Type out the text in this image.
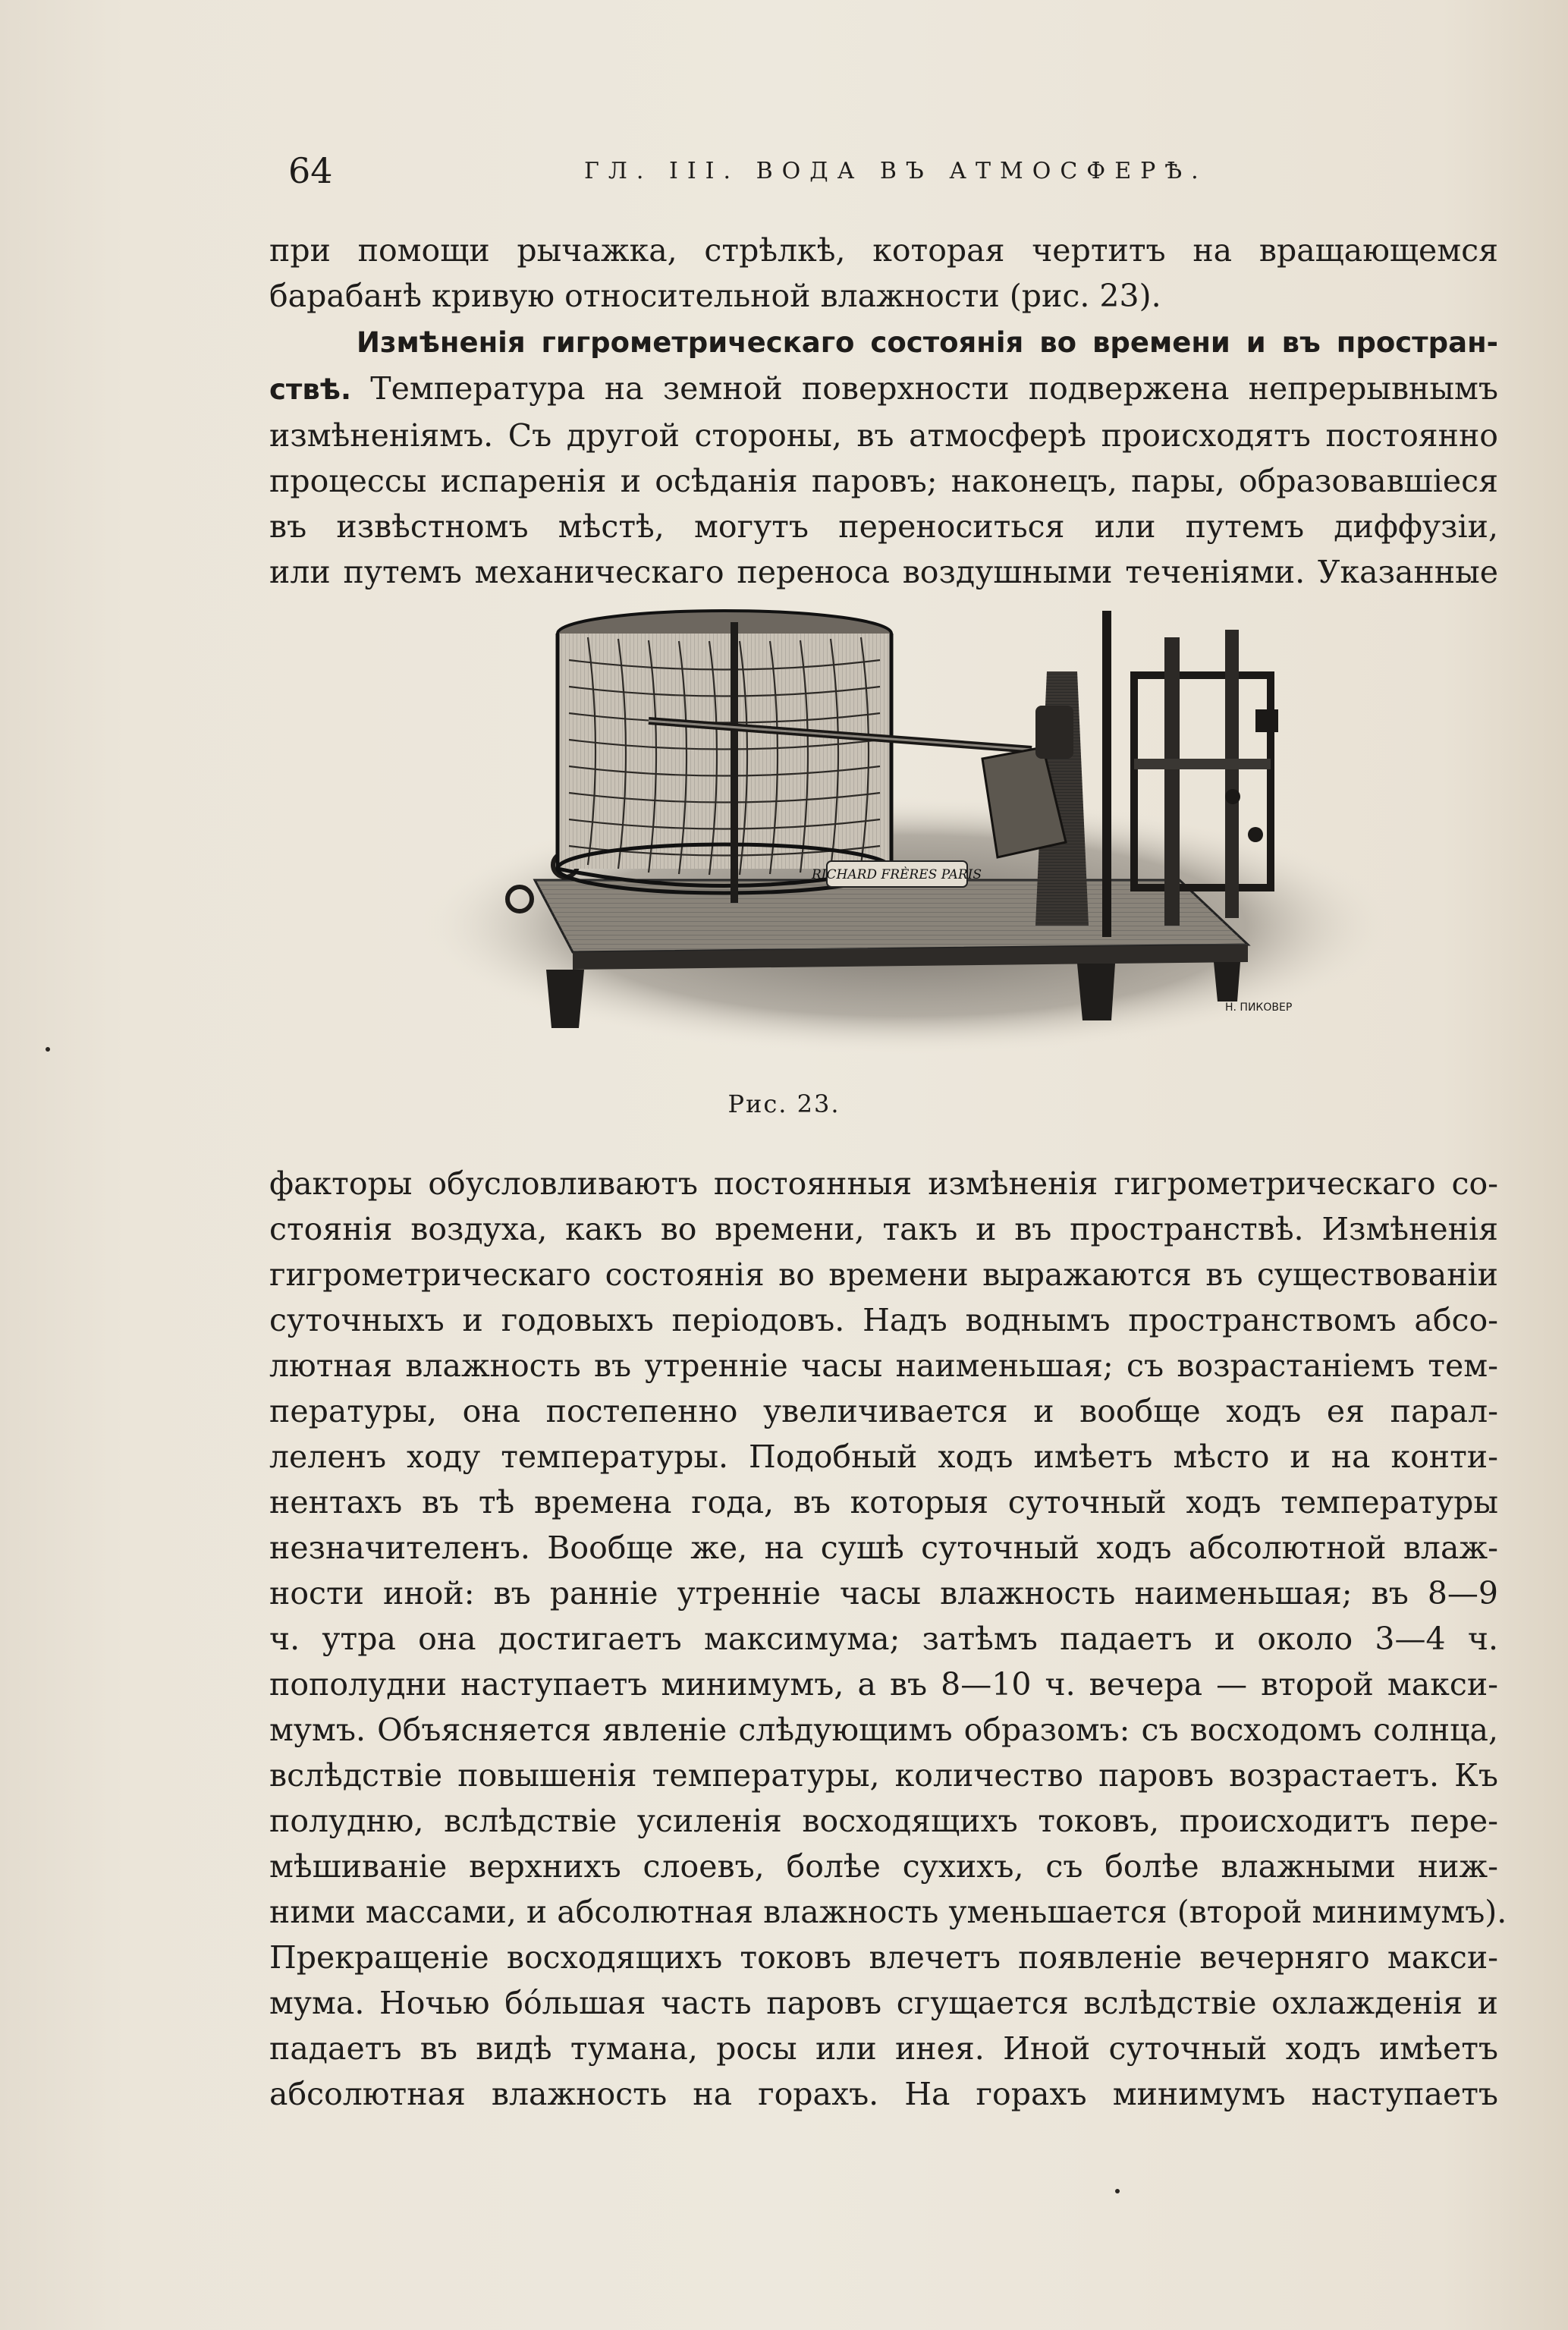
64	ГЛ. III. ВОДА ВЪ АТМОСФЕРѢ.
при помощи рычажка, стрѣлкѣ, которая чертитъ на вращающемся
барабанѣ кривую относительной влажности (рис. 23).
Измѣненія гигрометрическаго состоянія во времени и въ простран-
ствѣ. Температура на земной поверхности подвержена непрерывнымъ
измѣненіямъ. Съ другой стороны, въ атмосферѣ происходятъ постоянно
процессы испаренія и осѣданія паровъ; наконецъ, пары, образовавшіеся
въ извѣстномъ мѣстѣ, могутъ переноситься или путемъ диффузіи,
или путемъ механическаго переноса воздушными теченіями. Указанные
RICHARD FRÈRES PARIS
Н. ПИКОВЕР
Рис. 23.
факторы обусловливаютъ постоянныя измѣненія гигрометрическаго со-
стоянія воздуха, какъ во времени, такъ и въ пространствѣ. Измѣненія
гигрометрическаго состоянія во времени выражаются въ существованіи
суточныхъ и годовыхъ періодовъ. Надъ воднымъ пространствомъ абсо-
лютная влажность въ утренніе часы наименьшая; съ возрастаніемъ тем-
пературы, она постепенно увеличивается и вообще ходъ ея парал-
леленъ ходу температуры. Подобный ходъ имѣетъ мѣсто и на конти-
нентахъ въ тѣ времена года, въ которыя суточный ходъ температуры
незначителенъ. Вообще же, на сушѣ суточный ходъ абсолютной влаж-
ности иной: въ ранніе утренніе часы влажность наименьшая; въ 8—9
ч. утра она достигаетъ максимума; затѣмъ падаетъ и около 3—4 ч.
пополудни наступаетъ минимумъ, а въ 8—10 ч. вечера — второй макси-
мумъ. Объясняется явленіе слѣдующимъ образомъ: съ восходомъ солнца,
вслѣдствіе повышенія температуры, количество паровъ возрастаетъ. Къ
полудню, вслѣдствіе усиленія восходящихъ токовъ, происходитъ пере-
мѣшиваніе верхнихъ слоевъ, болѣе сухихъ, съ болѣе влажными ниж-
ними массами, и абсолютная влажность уменьшается (второй минимумъ).
Прекращеніе восходящихъ токовъ влечетъ появленіе вечерняго макси-
мума. Ночью бо́льшая часть паровъ сгущается вслѣдствіе охлажденія и
падаетъ въ видѣ тумана, росы или инея. Иной суточный ходъ имѣетъ
абсолютная влажность на горахъ. На горахъ минимумъ наступаетъ
